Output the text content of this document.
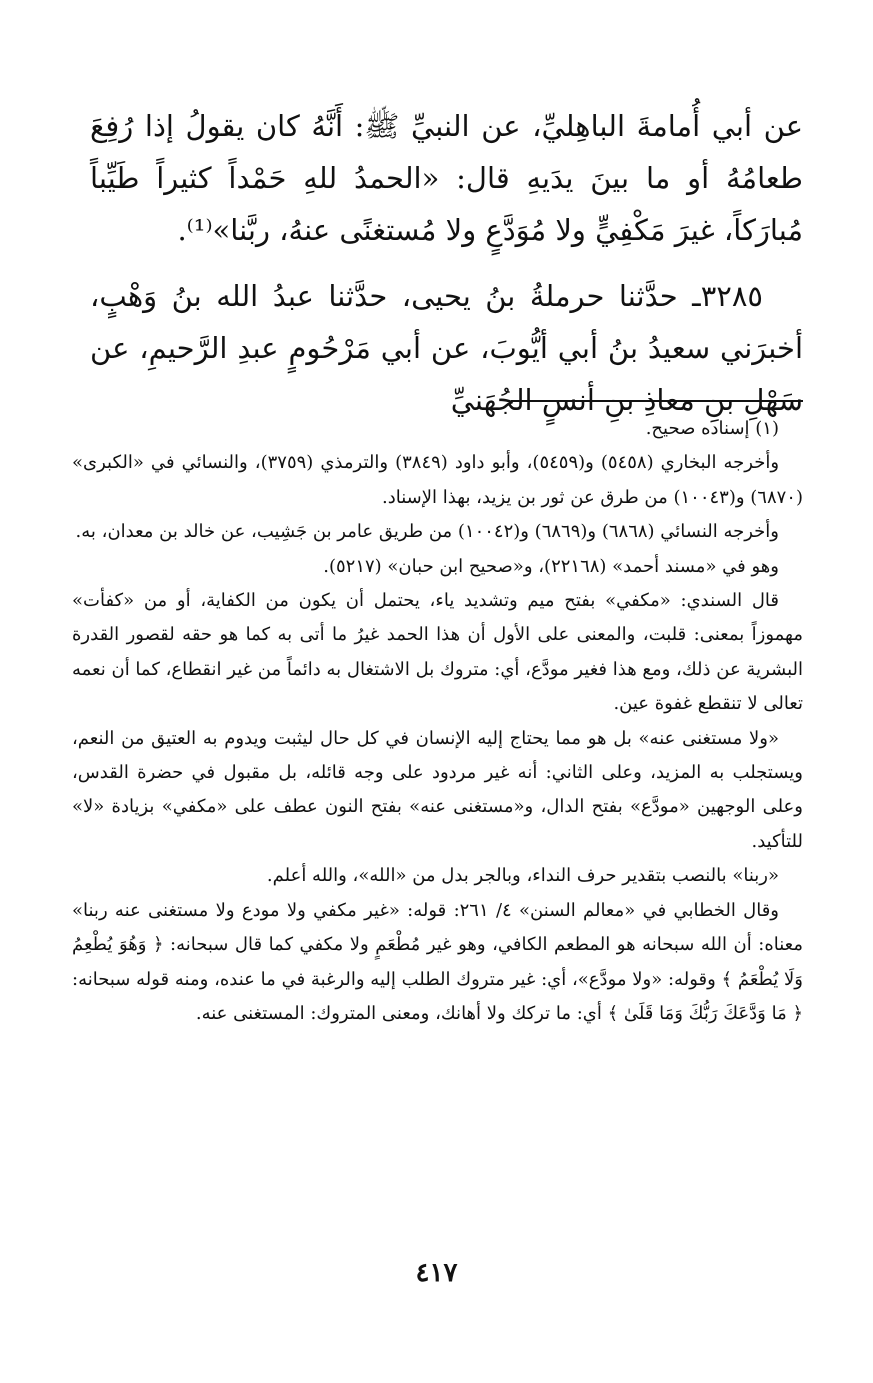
عن أبي أُمامةَ الباهِليِّ، عن النبيِّ ﷺ: أَنَّهُ كان يقولُ إذا رُفِعَ طعامُهُ أو ما بينَ يدَيهِ قال: «الحمدُ للهِ حَمْداً كثيراً طَيِّباً مُبارَكاً، غيرَ مَكْفِيٍّ ولا مُوَدَّعٍ ولا مُستغنًى عنهُ، ربَّنا»⁽¹⁾.

٣٢٨٥ـ حدَّثنا حرملةُ بنُ يحيى، حدَّثنا عبدُ الله بنُ وَهْبٍ، أخبرَني سعيدُ بنُ أبي أيُّوبَ، عن أبي مَرْحُومٍ عبدِ الرَّحيمِ، عن سَهْلِ بنِ معاذِ بنِ أنسٍ الجُهَنيِّ

(١) إسناده صحيح.

وأخرجه البخاري (٥٤٥٨) و(٥٤٥٩)، وأبو داود (٣٨٤٩) والترمذي (٣٧٥٩)، والنسائي في «الكبرى» (٦٨٧٠) و(١٠٠٤٣) من طرق عن ثور بن يزيد، بهذا الإسناد.

وأخرجه النسائي (٦٨٦٨) و(٦٨٦٩) و(١٠٠٤٢) من طريق عامر بن جَشِيب، عن خالد بن معدان، به.

وهو في «مسند أحمد» (٢٢١٦٨)، و«صحيح ابن حبان» (٥٢١٧).

قال السندي: «مكفي» بفتح ميم وتشديد ياء، يحتمل أن يكون من الكفاية، أو من «كفأت» مهموزاً بمعنى: قلبت، والمعنى على الأول أن هذا الحمد غيرُ ما أتى به كما هو حقه لقصور القدرة البشرية عن ذلك، ومع هذا فغير مودَّع، أي: متروك بل الاشتغال به دائماً من غير انقطاع، كما أن نعمه تعالى لا تنقطع غفوة عين.

«ولا مستغنى عنه» بل هو مما يحتاج إليه الإنسان في كل حال ليثبت ويدوم به العتيق من النعم، ويستجلب به المزيد، وعلى الثاني: أنه غير مردود على وجه قائله، بل مقبول في حضرة القدس، وعلى الوجهين «مودَّع» بفتح الدال، و«مستغنى عنه» بفتح النون عطف على «مكفي» بزيادة «لا» للتأكيد.

«ربنا» بالنصب بتقدير حرف النداء، وبالجر بدل من «الله»، والله أعلم.

وقال الخطابي في «معالم السنن» ٤/ ٢٦١: قوله: «غير مكفي ولا مودع ولا مستغنى عنه ربنا» معناه: أن الله سبحانه هو المطعم الكافي، وهو غير مُطْعَمٍ ولا مكفي كما قال سبحانه: ﴿ وَهُوَ يُطْعِمُ وَلَا يُطْعَمُ ﴾ وقوله: «ولا مودَّع»، أي: غير متروك الطلب إليه والرغبة في ما عنده، ومنه قوله سبحانه: ﴿ مَا وَدَّعَكَ رَبُّكَ وَمَا قَلَىٰ ﴾ أي: ما تركك ولا أهانك، ومعنى المتروك: المستغنى عنه.

٤١٧
